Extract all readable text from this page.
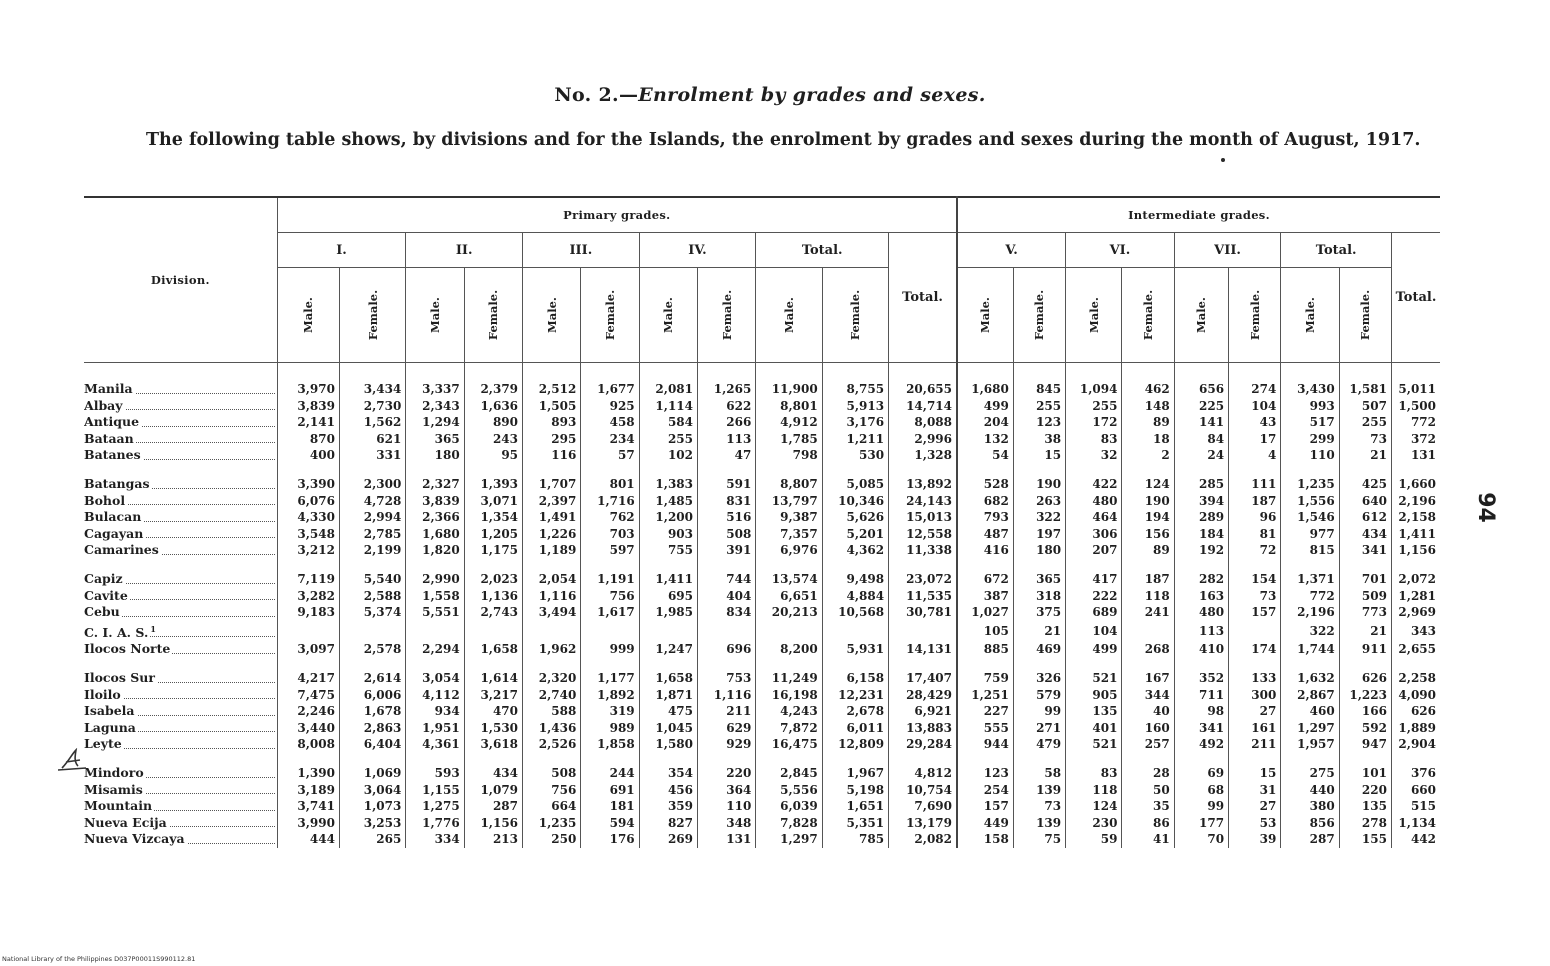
No. 2.—Enrolment by grades and sexes.
The following table shows, by divisions and for the Islands, the enrolment by grades and sexes during the month of August, 1917.
Division.	Primary grades.											Intermediate grades.								
	I.		II.		III.		IV.		Total.		Total.	V.		VI.		VII.		Total.		Total.
	Male.	Female.	Male.	Female.	Male.	Female.	Male.	Female.	Male.	Female.		Male.	Female.	Male.	Female.	Male.	Female.	Male.	Female.	

Manila	3,970	3,434	3,337	2,379	2,512	1,677	2,081	1,265	11,900	8,755	20,655	1,680	845	1,094	462	656	274	3,430	1,581	5,011

Albay	3,839	2,730	2,343	1,636	1,505	925	1,114	622	8,801	5,913	14,714	499	255	255	148	225	104	993	507	1,500

Antique	2,141	1,562	1,294	890	893	458	584	266	4,912	3,176	8,088	204	123	172	89	141	43	517	255	772

Bataan	870	621	365	243	295	234	255	113	1,785	1,211	2,996	132	38	83	18	84	17	299	73	372

Batanes	400	331	180	95	116	57	102	47	798	530	1,328	54	15	32	2	24	4	110	21	131

Batangas	3,390	2,300	2,327	1,393	1,707	801	1,383	591	8,807	5,085	13,892	528	190	422	124	285	111	1,235	425	1,660

Bohol	6,076	4,728	3,839	3,071	2,397	1,716	1,485	831	13,797	10,346	24,143	682	263	480	190	394	187	1,556	640	2,196

Bulacan	4,330	2,994	2,366	1,354	1,491	762	1,200	516	9,387	5,626	15,013	793	322	464	194	289	96	1,546	612	2,158

Cagayan	3,548	2,785	1,680	1,205	1,226	703	903	508	7,357	5,201	12,558	487	197	306	156	184	81	977	434	1,411

Camarines	3,212	2,199	1,820	1,175	1,189	597	755	391	6,976	4,362	11,338	416	180	207	89	192	72	815	341	1,156

Capiz	7,119	5,540	2,990	2,023	2,054	1,191	1,411	744	13,574	9,498	23,072	672	365	417	187	282	154	1,371	701	2,072

Cavite	3,282	2,588	1,558	1,136	1,116	756	695	404	6,651	4,884	11,535	387	318	222	118	163	73	772	509	1,281

Cebu	9,183	5,374	5,551	2,743	3,494	1,617	1,985	834	20,213	10,568	30,781	1,027	375	689	241	480	157	2,196	773	2,969

C. I. A. S. $^1$												105	21	104		113		322	21	343

Ilocos Norte	3,097	2,578	2,294	1,658	1,962	999	1,247	696	8,200	5,931	14,131	885	469	499	268	410	174	1,744	911	2,655

Ilocos Sur	4,217	2,614	3,054	1,614	2,320	1,177	1,658	753	11,249	6,158	17,407	759	326	521	167	352	133	1,632	626	2,258

Iloilo	7,475	6,006	4,112	3,217	2,740	1,892	1,871	1,116	16,198	12,231	28,429	1,251	579	905	344	711	300	2,867	1,223	4,090

Isabela	2,246	1,678	934	470	588	319	475	211	4,243	2,678	6,921	227	99	135	40	98	27	460	166	626

Laguna	3,440	2,863	1,951	1,530	1,436	989	1,045	629	7,872	6,011	13,883	555	271	401	160	341	161	1,297	592	1,889

Leyte	8,008	6,404	4,361	3,618	2,526	1,858	1,580	929	16,475	12,809	29,284	944	479	521	257	492	211	1,957	947	2,904

Mindoro	1,390	1,069	593	434	508	244	354	220	2,845	1,967	4,812	123	58	83	28	69	15	275	101	376

Misamis	3,189	3,064	1,155	1,079	756	691	456	364	5,556	5,198	10,754	254	139	118	50	68	31	440	220	660

Mountain	3,741	1,073	1,275	287	664	181	359	110	6,039	1,651	7,690	157	73	124	35	99	27	380	135	515

Nueva Ecija	3,990	3,253	1,776	1,156	1,235	594	827	348	7,828	5,351	13,179	449	139	230	86	177	53	856	278	1,134

Nueva Vizcaya	444	265	334	213	250	176	269	131	1,297	785	2,082	158	75	59	41	70	39	287	155	442
94
National Library of the Philippines D037P00011S990112.81
